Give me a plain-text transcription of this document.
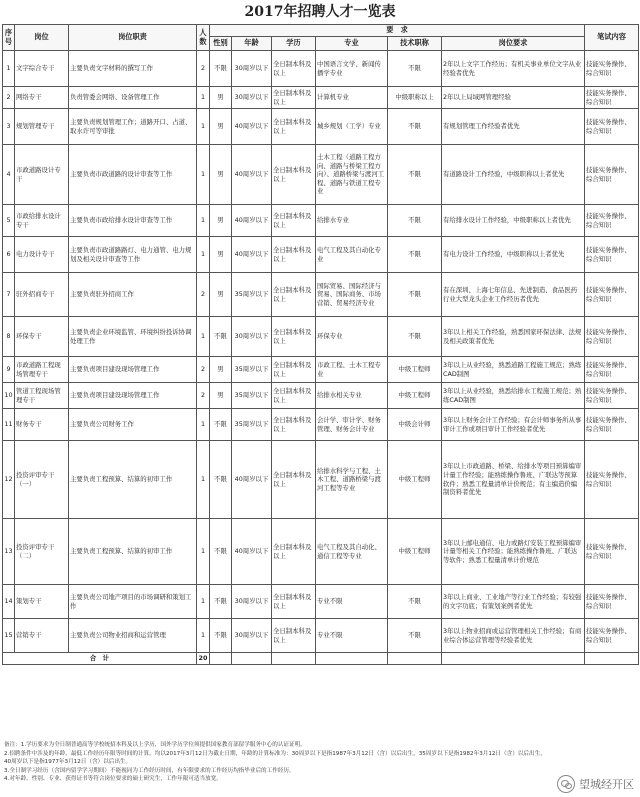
2017年招聘人才一览表
序号	岗位	岗位职责	人数	要　求						笔试内容
				性别	年龄	学历	专业	技术职称	岗位要求	
1	文字综合专干	主要负责文字材料的撰写工作	2	不限	30周岁以下	全日制本科及以上	中国语言文学、新闻传播学专业	不限	2年以上文字工作经历；有机关事业单位文字从业经验者优先	技能实务操作、综合知识
2	网络专干	负责管委会网络、设备管理工作	1	男	30周岁以下	全日制本科及以上	计算机专业	中级职称以上	2年以上局域网管理经验	技能实务操作、综合知识
3	规划管理专干	主要负责规划管理工作；道路开口、占道、取水许可等审批	1	男	40周岁以下	全日制本科及以上	城乡规划（工学）专业	不限	有规划管理工作经验者优先	技能实务操作、综合知识
4	市政道路设计专干	主要负责市政道路的设计审查等工作	1	男	40周岁以下	全日制本科及以上	土木工程（道路工程方向、道路与桥梁工程方向）、道路桥梁与渡河工程、道路与铁道工程专业	不限	有道路设计工作经验，中级职称以上者优先	技能实务操作、综合知识
5	市政给排水设计专干	主要负责市政给排水设计审查等工作	1	男	40周岁以下	全日制本科及以上	给排水专业	不限	有给排水设计工作经验，中级职称以上者优先	技能实务操作、综合知识
6	电力设计专干	主要负责市政道路路灯、电力通管、电力规划及相关设计审查等工作	1	男	40周岁以下	全日制本科及以上	电气工程及其自动化专业	不限	有电力设计工作经验，中级职称以上者优先	技能实务操作、综合知识
7	驻外招商专干	主要负责驻外招商工作	2	男	35周岁以下	全日制本科及以上	国际贸易、国际经济与贸易、国际商务、市场营销、贸易经济专业	不限	有在深圳、上海七年信息、先进制造、食品医药行业大型龙头企业工作经历者优先	技能实务操作、综合知识
8	环保专干	主要负责企业环境监管、环境纠纷投诉协调处理工作	1	不限	30周岁以下	全日制本科及以上	环保专业	不限	3年以上相关工作经验，熟悉国家环保法律、法规及相关政策者优先	技能实务操作、综合知识
9	市政道路工程现场管理专干	主要负责项目建设现场管理工作	2	男	35周岁以下	全日制本科及以上	市政工程、土木工程专业	中级工程师	3年以上从业经验，熟悉道路工程施工规范；熟练CAD制图	技能实务操作、综合知识
10	管道工程现场管理专干	主要负责项目建设现场管理工作	2	男	35周岁以下	全日制本科及以上	给排水相关专业	中级工程师	3年以上从业经验，熟悉给排水工程施工规范；熟练CAD制图	技能实务操作、综合知识
11	财务专干	主要负责公司财务工作	1	不限	35周岁以下	全日制本科及以上	会计学、审计学、财务管理、财务会计专业	中级会计师	3年以上财务会计工作经验；有会计师事务所从事审计工作或项目审计工作经验者优先	技能实务操作、综合知识
12	投资评审专干（一）	主要负责工程预算、结算的初审工作	1	不限	40周岁以下	全日制本科及以上	给排水科学与工程、土木工程、道路桥梁与渡河工程等专业	中级工程师	3年以上市政道路、桥梁、给排水等项目预算编审计量工作经验；能熟练操作鲁班、广联达等预算软件；熟悉工程量清单计价规范；有主编造价编制资料者优先	技能实务操作、综合知识
13	投资评审专干（二）	主要负责工程预算、结算的初审工作	1	不限	40周岁以下	全日制本科及以上	电气工程及其自动化、通信工程等专业	中级工程师	3年以上邮电通信、电力或路灯安装工程预算编审计量等相关工作经验；能熟练操作鲁班、广联达等软件；熟悉工程量清单计价规范	技能实务操作、综合知识
14	策划专干	主要负责公司地产项目的市场调研和策划工作	1	不限	30周岁以下	全日制本科及以上	专业不限	不限	3年以上商业、工业地产等行业工作经验；有较强的文字功底；有策划案例者优先	技能实务操作、综合知识
15	营销专干	主要负责公司物业招商和运营管理	1	不限	30周岁以下	全日制本科及以上	专业不限	不限	3年以上物业招商或运营管理相关工作经验；有商业综合体运营管理等经验者优先	技能实务操作、综合知识
合　计			20							
备注：1.学历要求为全日制普通高等学校统招本科及以上学历，国外学历学位须提供国家教育部留学服务中心的认证证明。
2.招聘条件中涉及的年龄、最低工作经历年限等时间的计算，均以2017年3月12日为截止日期，年龄的计算标准为：30周岁以下是指1987年3月12日（含）以后出生，35周岁以下是指1982年3月12日（含）以后出生，
40周岁以下是指1977年3月12日（含）以后出生。
3.全日制学习经历（含国内留学学习期间）不能视同为工作经历时间，有年限要求的工作经历均指毕业后的工作经历。
4.对年龄、性别、专业、获得证书等符合岗位要求的硕士研究生，工作年限可适当放宽。	望城经开区
